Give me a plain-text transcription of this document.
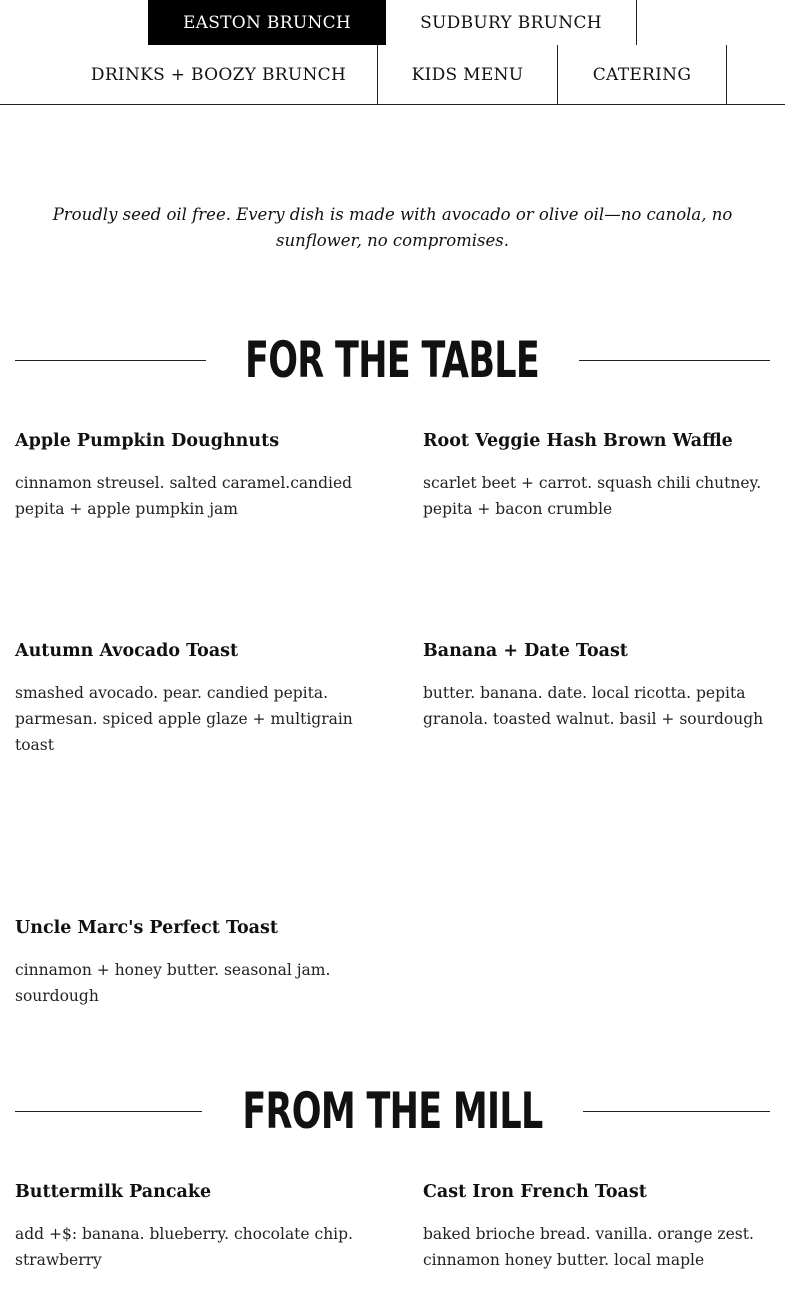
EASTON BRUNCH	SUDBURY BRUNCH
DRINKS + BOOZY BRUNCH	KIDS MENU	CATERING

Proudly seed oil free. Every dish is made with avocado or olive oil—no canola, no sunflower, no compromises.

FOR THE TABLE

Apple Pumpkin Doughnuts

cinnamon streusel. salted caramel.candied pepita + apple pumpkin jam

Root Veggie Hash Brown Waffle

scarlet beet + carrot. squash chili chutney. pepita + bacon crumble

Autumn Avocado Toast

smashed avocado. pear. candied pepita. parmesan. spiced apple glaze + multigrain toast

Banana + Date Toast

butter. banana. date. local ricotta. pepita granola. toasted walnut. basil + sourdough

Uncle Marc's Perfect Toast

cinnamon + honey butter. seasonal jam. sourdough

FROM THE MILL

Buttermilk Pancake

add +$: banana. blueberry. chocolate chip. strawberry

Cast Iron French Toast

baked brioche bread. vanilla. orange zest. cinnamon honey butter. local maple
